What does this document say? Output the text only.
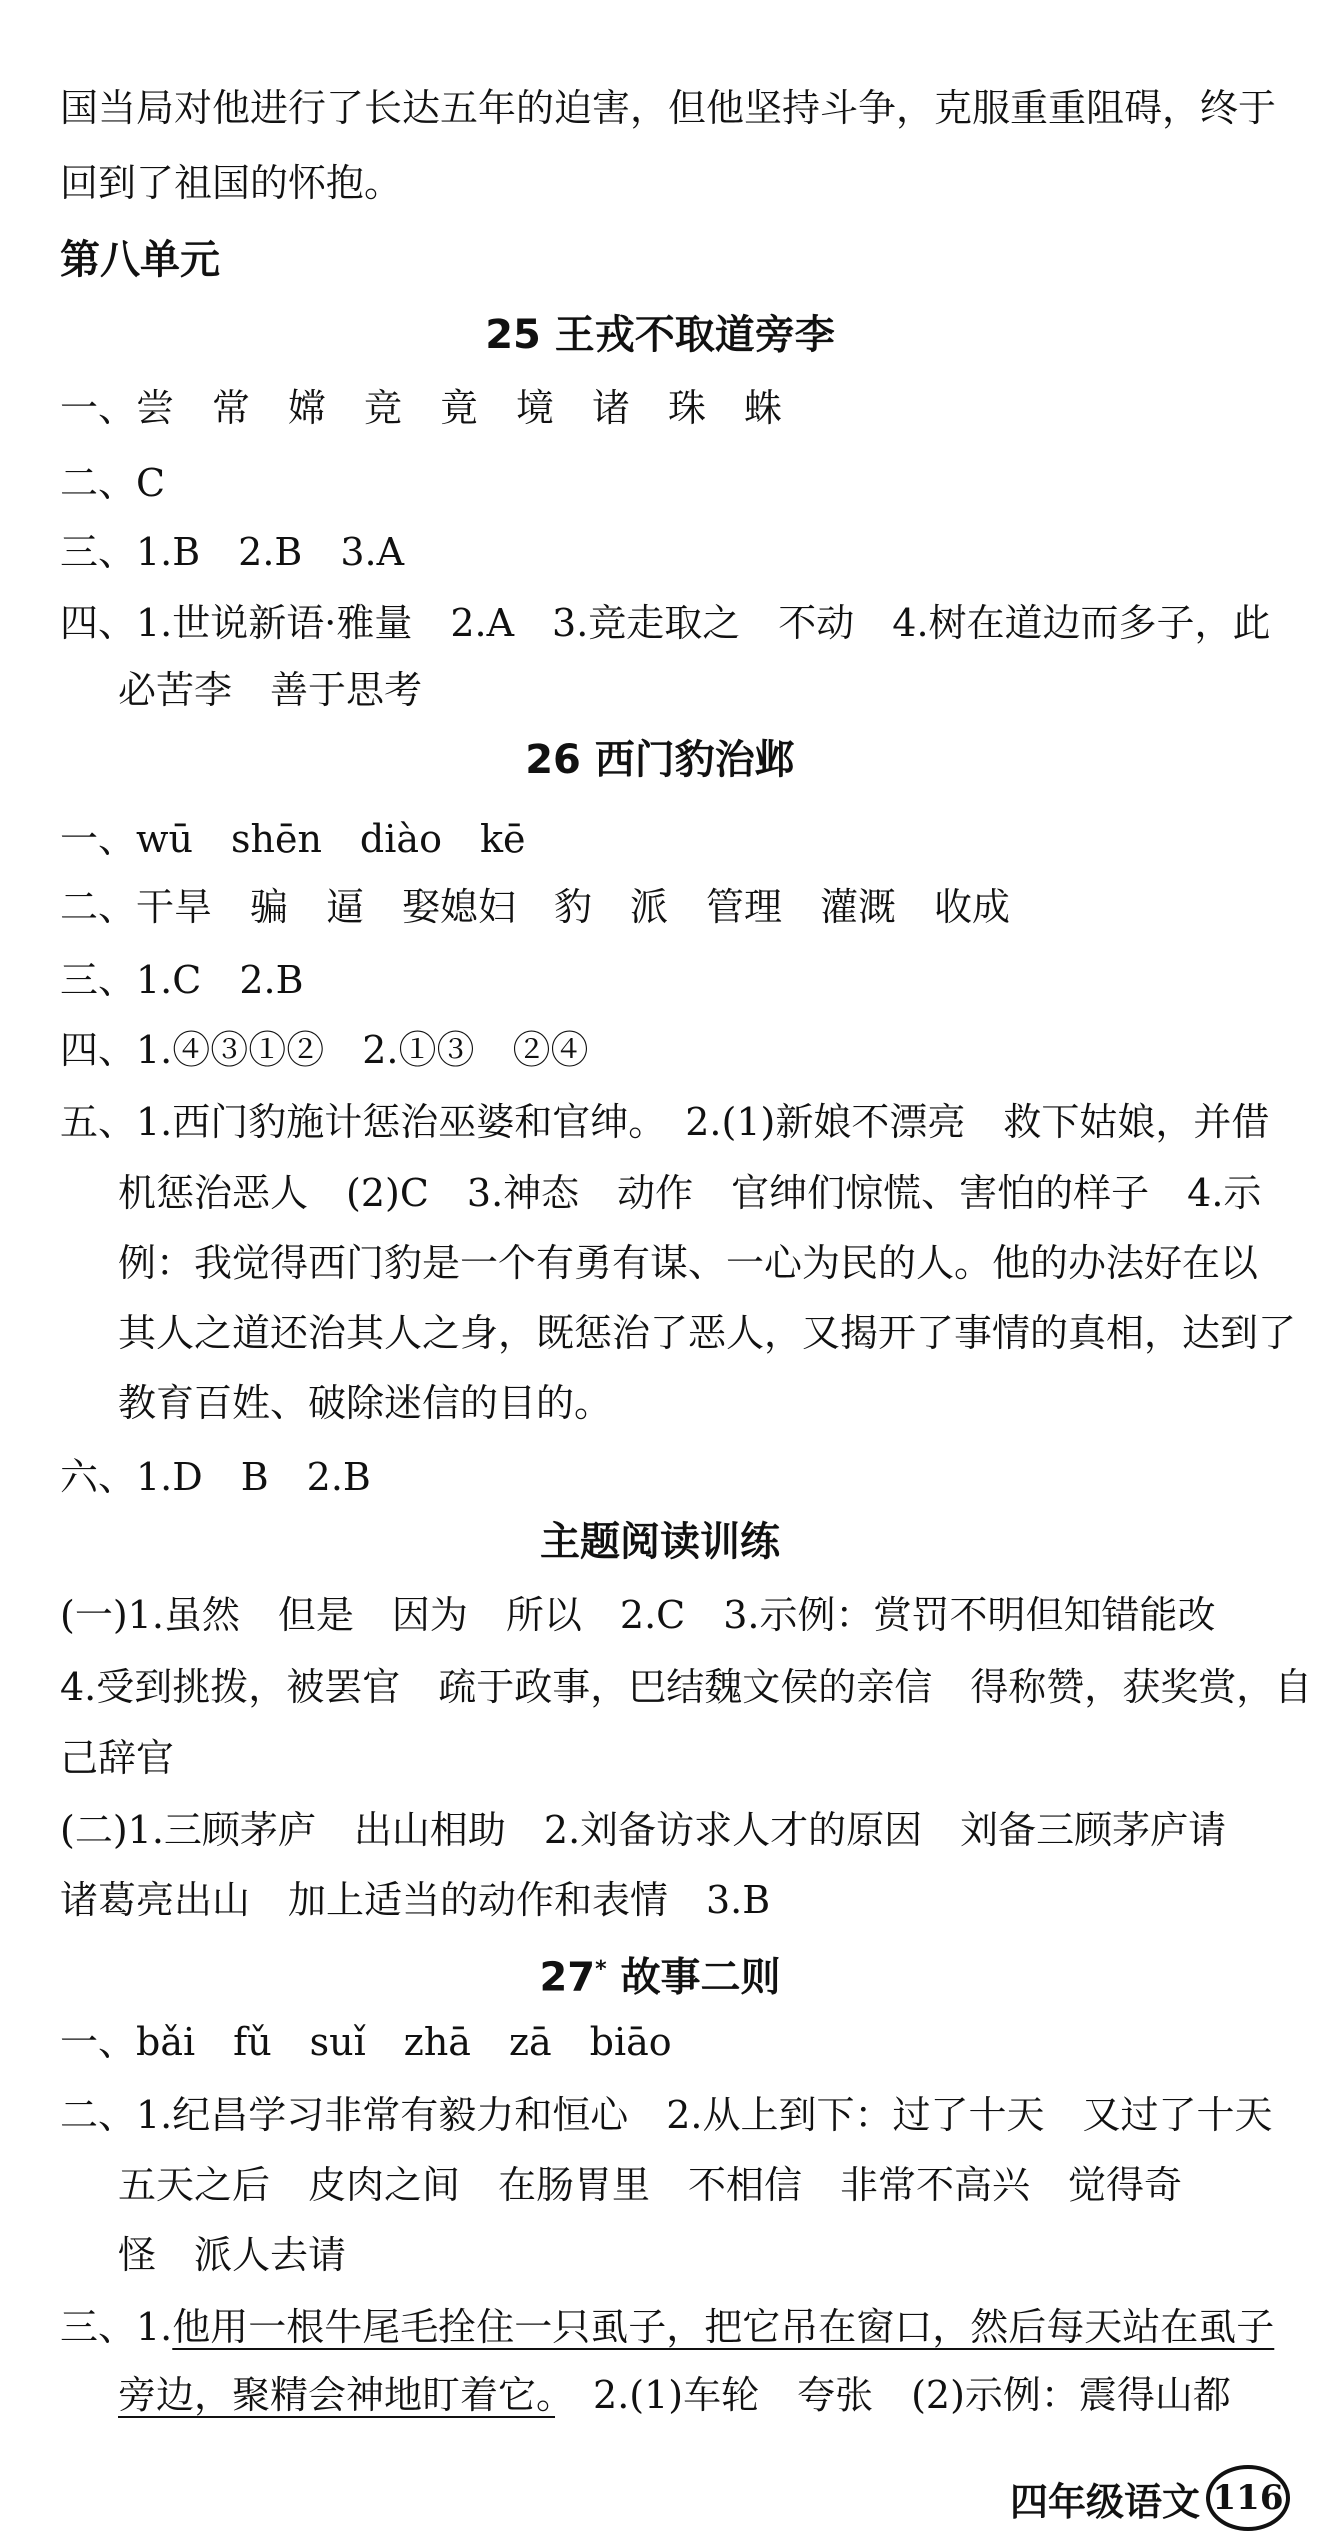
国当局对他进行了长达五年的迫害，但他坚持斗争，克服重重阻碍，终于
回到了祖国的怀抱。
第八单元
25 王戎不取道旁李
一、尝　常　嫦　竞　竟　境　诸　珠　蛛
二、C
三、1.B　2.B　3.A
四、1.世说新语·雅量　2.A　3.竞走取之　不动　4.树在道边而多子，此
必苦李　善于思考
26 西门豹治邺
一、wū　shēn　diào　kē
二、干旱　骗　逼　娶媳妇　豹　派　管理　灌溉　收成
三、1.C　2.B
四、1.④③①②　2.①③　②④
五、1.西门豹施计惩治巫婆和官绅。　2.(1)新娘不漂亮　救下姑娘，并借
机惩治恶人　(2)C　3.神态　动作　官绅们惊慌、害怕的样子　4.示
例：我觉得西门豹是一个有勇有谋、一心为民的人。他的办法好在以
其人之道还治其人之身，既惩治了恶人，又揭开了事情的真相，达到了
教育百姓、破除迷信的目的。
六、1.D　B　2.B
主题阅读训练
(一)1.虽然　但是　因为　所以　2.C　3.示例：赏罚不明但知错能改
4.受到挑拨，被罢官　疏于政事，巴结魏文侯的亲信　得称赞，获奖赏，自
己辞官
(二)1.三顾茅庐　出山相助　2.刘备访求人才的原因　刘备三顾茅庐请
诸葛亮出山　加上适当的动作和表情　3.B
27* 故事二则
一、bǎi　fǔ　suǐ　zhā　zā　biāo
二、1.纪昌学习非常有毅力和恒心　2.从上到下：过了十天　又过了十天
五天之后　皮肉之间　在肠胃里　不相信　非常不高兴　觉得奇
怪　派人去请
三、1.他用一根牛尾毛拴住一只虱子，把它吊在窗口，然后每天站在虱子
旁边，聚精会神地盯着它。　2.(1)车轮　夸张　(2)示例：震得山都
四年级语文 116
